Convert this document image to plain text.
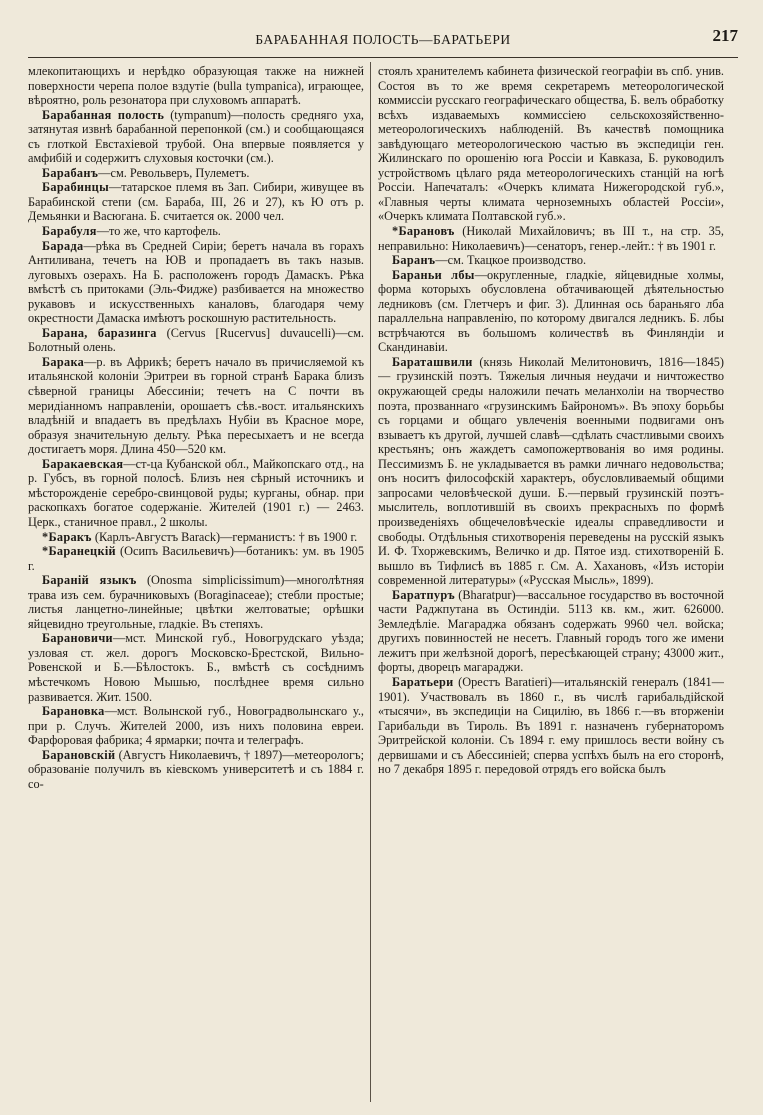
БАРАБАННАЯ ПОЛОСТЬ—БАРАТЬЕРИ	217

млекопитающихъ и нерѣдко образующая также на нижней поверхности черепа полое вздутіе (bulla tympanica), играющее, вѣроятно, роль резонатора при слуховомъ аппаратѣ.

Барабанная полость (tympanum)—полость средняго уха, затянутая извнѣ барабанной перепонкой (см.) и сообщающаяся съ глоткой Евстахіевой трубой. Она впервые появляется у амфибій и содержитъ слуховыя косточки (см.).

Барабанъ—см. Револьверъ, Пулеметъ.

Барабинцы—татарское племя въ Зап. Сибири, живущее въ Барабинской степи (см. Бараба, III, 26 и 27), къ Ю отъ р. Демьянки и Васюгана. Б. считается ок. 2000 чел.

Барабуля—то же, что картофель.

Барада—рѣка въ Средней Сиріи; беретъ начала въ горахъ Антиливана, течетъ на ЮВ и пропадаетъ въ такъ назыв. луговыхъ озерахъ. На Б. расположенъ городъ Дамаскъ. Рѣка вмѣстѣ съ притоками (Эль-Фидже) разбивается на множество рукавовъ и искусственныхъ каналовъ, благодаря чему окрестности Дамаска имѣютъ роскошную растительность.

Барана, баразинга (Cervus [Rucervus] duvaucelli)—см. Болотный олень.

Барака—р. въ Африкѣ; беретъ начало въ причисляемой къ итальянской колоніи Эритреи въ горной странѣ Барака близъ сѣверной границы Абессиніи; течетъ на С почти въ меридіанномъ направленіи, орошаетъ сѣв.-вост. итальянскихъ владѣній и впадаетъ въ предѣлахъ Нубіи въ Красное море, образуя значительную дельту. Рѣка пересыхаетъ и не всегда достигаетъ моря. Длина 450—520 км.

Баракаевская—ст-ца Кубанской обл., Майкопскаго отд., на р. Губсъ, въ горной полосѣ. Близъ нея сѣрный источникъ и мѣсторожденіе серебро-свинцовой руды; курганы, обнар. при раскопкахъ богатое содержаніе. Жителей (1901 г.) — 2463. Церк., станичное правл., 2 школы.

*Баракъ (Карлъ-Августъ Barack)—германистъ: † въ 1900 г.

*Баранецкій (Осипъ Васильевичъ)—ботаникъ: ум. въ 1905 г.

Бараній языкъ (Onosma simplicissimum)—многолѣтняя трава изъ сем. бурачниковыхъ (Boraginaceae); стебли простые; листья ланцетно-линейные; цвѣтки желтоватые; орѣшки яйцевидно треугольные, гладкіе. Въ степяхъ.

Барановичи—мст. Минской губ., Новогрудскаго уѣзда; узловая ст. жел. дорогъ Московско-Брестской, Вильно-Ровенской и Б.—Бѣлостокъ. Б., вмѣстѣ съ сосѣднимъ мѣстечкомъ Новою Мышью, послѣднее время сильно развивается. Жит. 1500.

Барановка—мст. Волынской губ., Новоградволынскаго у., при р. Случъ. Жителей 2000, изъ нихъ половина евреи. Фарфоровая фабрика; 4 ярмарки; почта и телеграфъ.

Барановскій (Августъ Николаевичъ, † 1897)—метеорологъ; образованіе получилъ въ кіевскомъ университетѣ и съ 1884 г. со-

стоялъ хранителемъ кабинета физической географіи въ спб. унив. Состоя въ то же время секретаремъ метеорологической коммиссіи русскаго географическаго общества, Б. велъ обработку всѣхъ издаваемыхъ коммиссіею сельскохозяйственно-метеорологическихъ наблюденій. Въ качествѣ помощника завѣдующаго метеорологическою частью въ экспедиціи ген. Жилинскаго по орошенію юга Россіи и Кавказа, Б. руководилъ устройствомъ цѣлаго ряда метеорологическихъ станцій на югѣ Россіи. Напечаталъ: «Очеркъ климата Нижегородской губ.», «Главныя черты климата черноземныхъ областей Россіи», «Очеркъ климата Полтавской губ.».

*Барановъ (Николай Михайловичъ; въ III т., на стр. 35, неправильно: Николаевичъ)—сенаторъ, генер.-лейт.: † въ 1901 г.

Баранъ—см. Ткацкое производство.

Бараньи лбы—округленные, гладкіе, яйцевидные холмы, форма которыхъ обусловлена обтачивающей дѣятельностью ледниковъ (см. Глетчеръ и фиг. 3). Длинная ось бараньяго лба параллельна направленію, по которому двигался ледникъ. Б. лбы встрѣчаются въ большомъ количествѣ въ Финляндіи и Скандинавіи.

Бараташвили (князь Николай Мелитоновичъ, 1816—1845) — грузинскій поэтъ. Тяжелыя личныя неудачи и ничтожество окружающей среды наложили печать меланхоліи на творчество поэта, прозваннаго «грузинскимъ Байрономъ». Въ эпоху борьбы съ горцами и общаго увлеченія военными подвигами онъ взываетъ къ другой, лучшей славѣ—сдѣлать счастливыми своихъ крестьянъ; онъ жаждетъ самопожертвованія во имя родины. Пессимизмъ Б. не укладывается въ рамки личнаго недовольства; онъ носитъ философскій характеръ, обусловливаемый общими запросами человѣческой души. Б.—первый грузинскій поэтъ-мыслитель, воплотившій въ своихъ прекрасныхъ по формѣ произведеніяхъ общечеловѣческіе идеалы справедливости и свободы. Отдѣльныя стихотворенія переведены на русскій языкъ И. Ф. Тхоржевскимъ, Величко и др. Пятое изд. стихотвореній Б. вышло въ Тифлисѣ въ 1885 г. См. А. Хахановъ, «Изъ исторіи современной литературы» («Русская Мысль», 1899).

Баратпуръ (Bharatpur)—вассальное государство въ восточной части Раджпутана въ Остиндіи. 5113 кв. км., жит. 626000. Земледѣліе. Магараджа обязанъ содержать 9960 чел. войска; другихъ повинностей не несетъ. Главный городъ того же имени лежитъ при желѣзной дорогѣ, пересѣкающей страну; 43000 жит., форты, дворецъ магараджи.

Баратьери (Орестъ Baratieri)—итальянскій генералъ (1841—1901). Участвовалъ въ 1860 г., въ числѣ гарибальдійской «тысячи», въ экспедиціи на Сицилію, въ 1866 г.—въ вторженіи Гарибальди въ Тироль. Въ 1891 г. назначенъ губернаторомъ Эритрейской колоніи. Съ 1894 г. ему пришлось вести войну съ дервишами и съ Абессиніей; сперва успѣхъ былъ на его сторонѣ, но 7 декабря 1895 г. передовой отрядъ его войска былъ
